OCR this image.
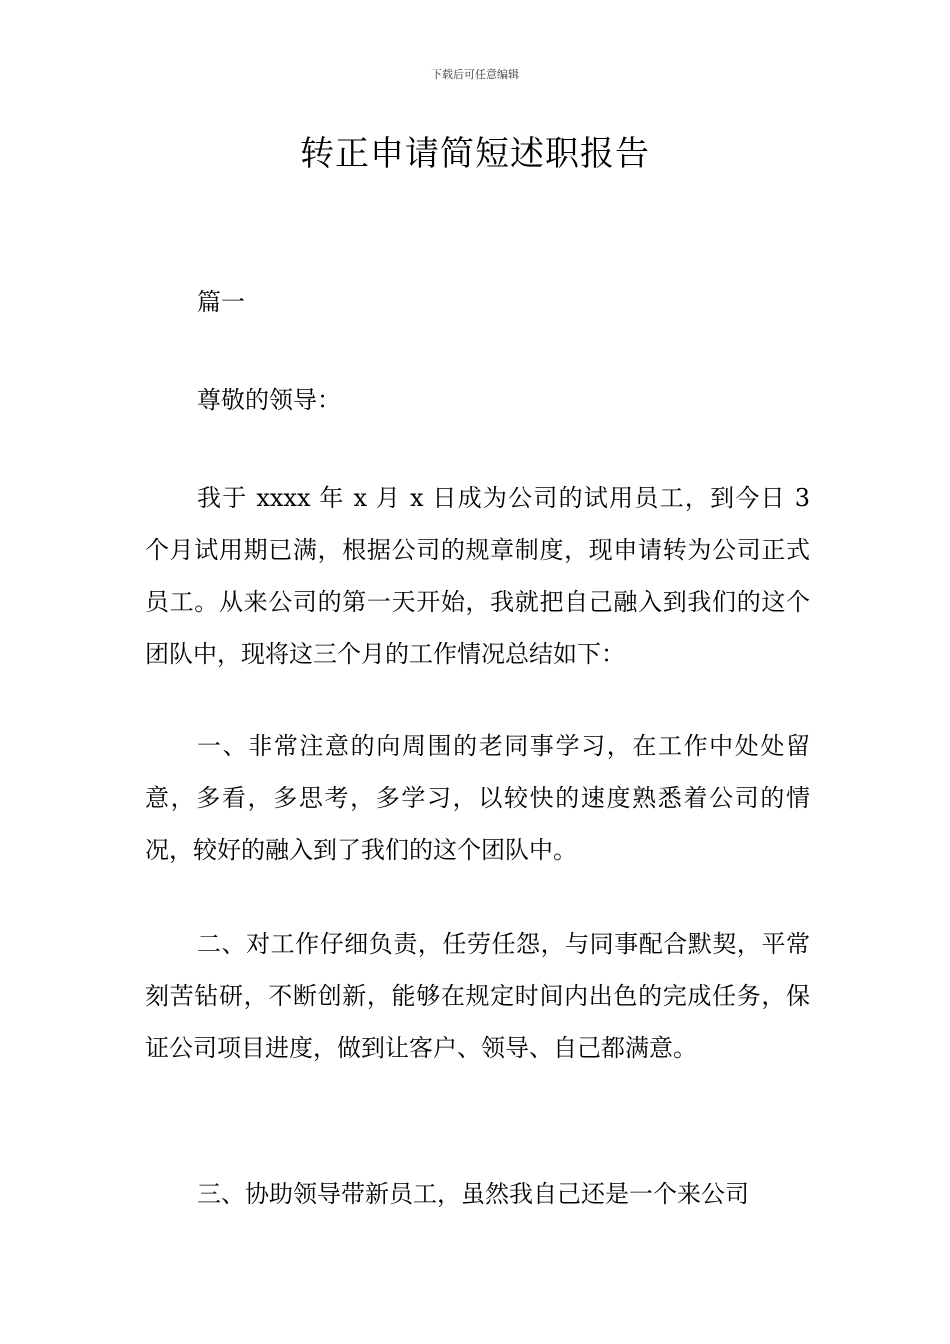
下载后可任意编辑
转正申请简短述职报告

篇一

尊敬的领导：

我于 xxxx 年 x 月 x 日成为公司的试用员工，到今日 3 个月试用期已满，根据公司的规章制度，现申请转为公司正式员工。从来公司的第一天开始，我就把自己融入到我们的这个团队中，现将这三个月的工作情况总结如下：

一、非常注意的向周围的老同事学习，在工作中处处留意，多看，多思考，多学习，以较快的速度熟悉着公司的情况，较好的融入到了我们的这个团队中。

二、对工作仔细负责，任劳任怨，与同事配合默契，平常刻苦钻研，不断创新，能够在规定时间内出色的完成任务，保证公司项目进度，做到让客户、领导、自己都满意。

三、协助领导带新员工，虽然我自己还是一个来公司
